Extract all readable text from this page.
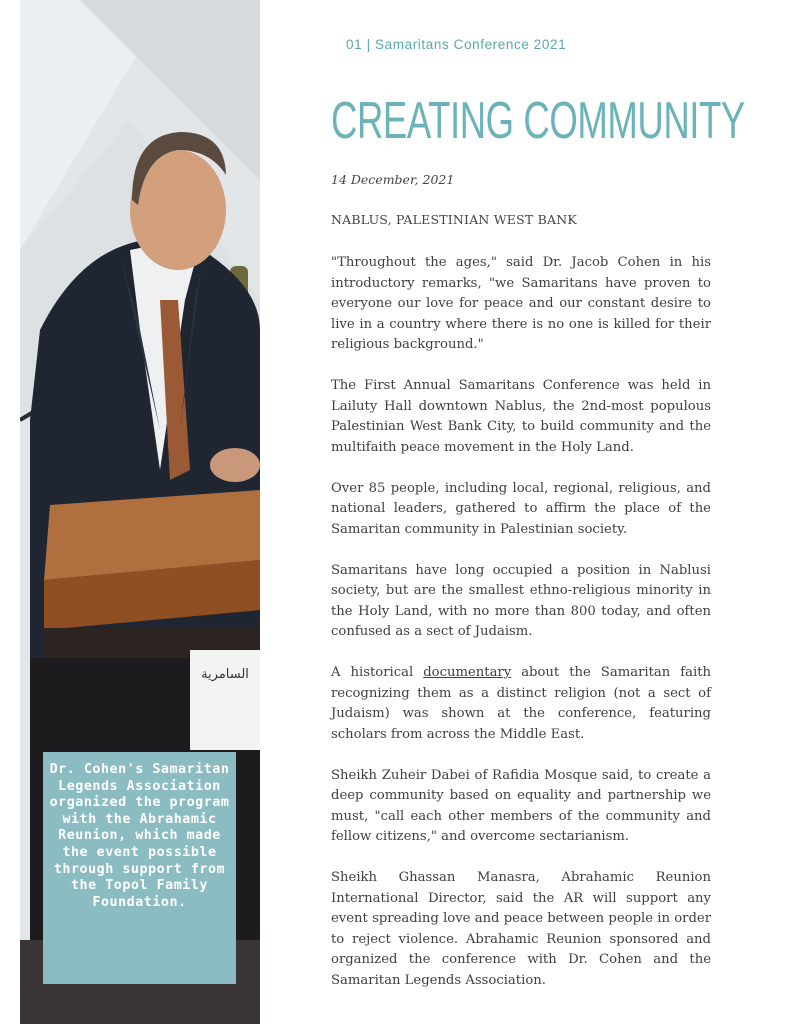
السامرية
Dr. Cohen's Samaritan Legends Association organized the program with the Abrahamic Reunion, which made the event possible through support from the Topol Family Foundation.
01 | Samaritans Conference 2021
CREATING COMMUNITY
14 December, 2021
NABLUS, PALESTINIAN WEST BANK

"Throughout the ages," said Dr. Jacob Cohen in his introductory remarks, "we Samaritans have proven to everyone our love for peace and our constant desire to live in a country where there is no one is killed for their religious background."

The First Annual Samaritans Conference was held in Lailuty Hall downtown Nablus, the 2nd-most populous Palestinian West Bank City, to build community and the multifaith peace movement in the Holy Land.

Over 85 people, including local, regional, religious, and national leaders, gathered to affirm the place of the Samaritan community in Palestinian society.

Samaritans have long occupied a position in Nablusi society, but are the smallest ethno-religious minority in the Holy Land, with no more than 800 today, and often confused as a sect of Judaism.

A historical documentary about the Samaritan faith recognizing them as a distinct religion (not a sect of Judaism) was shown at the conference, featuring scholars from across the Middle East.

Sheikh Zuheir Dabei of Rafidia Mosque said, to create a deep community based on equality and partnership we must, "call each other members of the community and fellow citizens," and overcome sectarianism.

Sheikh Ghassan Manasra, Abrahamic Reunion International Director, said the AR will support any event spreading love and peace between people in order to reject violence. Abrahamic Reunion sponsored and organized the conference with Dr. Cohen and the Samaritan Legends Association.
